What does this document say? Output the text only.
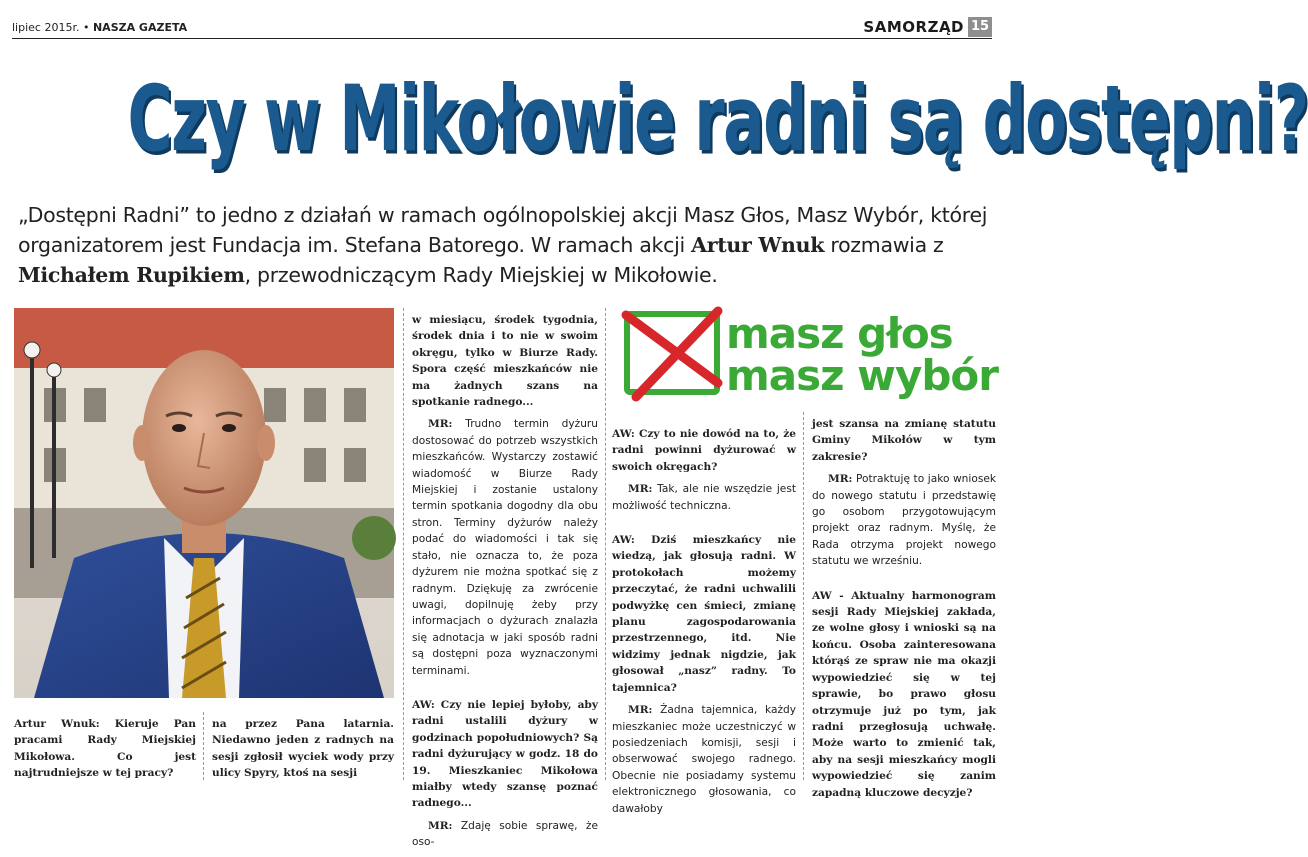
lipiec 2015r. • NASZA GAZETA	SAMORZĄD 15
Czy w Mikołowie radni są dostępni?
„Dostępni Radni” to jedno z działań w ramach ogólnopolskiej akcji Masz Głos, Masz Wybór, której organizatorem jest Fundacja im. Stefana Batorego. W ramach akcji Artur Wnuk rozmawia z Michałem Rupikiem, przewodniczącym Rady Miejskiej w Mikołowie.

Artur Wnuk: Kieruje Pan pracami Rady Miejskiej Mikołowa. Co jest najtrudniejsze w tej pracy?

na przez Pana latarnia. Niedawno jeden z radnych na sesji zgłosił wyciek wody przy ulicy Spyry, ktoś na sesji

w miesiącu, środek tygodnia, środek dnia i to nie w swoim okręgu, tylko w Biurze Rady. Spora część mieszkańców nie ma żadnych szans na spotkanie radnego...

MR: Trudno termin dyżuru dostosować do potrzeb wszystkich mieszkańców. Wystarczy zostawić wiadomość w Biurze Rady Miejskiej i zostanie ustalony termin spotkania dogodny dla obu stron. Terminy dyżurów należy podać do wiadomości i tak się stało, nie oznacza to, że poza dyżurem nie można spotkać się z radnym. Dziękuję za zwrócenie uwagi, dopilnuję żeby przy informacjach o dyżurach znalazła się adnotacja w jaki sposób radni są dostępni poza wyznaczonymi terminami.

AW: Czy nie lepiej byłoby, aby radni ustalili dyżury w godzinach popołudniowych? Są radni dyżurujący w godz. 18 do 19. Mieszkaniec Mikołowa miałby wtedy szansę poznać radnego...

MR: Zdaję sobie sprawę, że oso-

masz głos
masz wybór

AW: Czy to nie dowód na to, że radni powinni dyżurować w swoich okręgach?

MR: Tak, ale nie wszędzie jest możliwość techniczna.

AW: Dziś mieszkańcy nie wiedzą, jak głosują radni. W protokołach możemy przeczytać, że radni uchwalili podwyżkę cen śmieci, zmianę planu zagospodarowania przestrzennego, itd. Nie widzimy jednak nigdzie, jak głosował „nasz” radny. To tajemnica?

MR: Żadna tajemnica, każdy mieszkaniec może uczestniczyć w posiedzeniach komisji, sesji i obserwować swojego radnego. Obecnie nie posiadamy systemu elektronicznego głosowania, co dawałoby

jest szansa na zmianę statutu Gminy Mikołów w tym zakresie?

MR: Potraktuję to jako wniosek do nowego statutu i przedstawię go osobom przygotowującym projekt oraz radnym. Myślę, że Rada otrzyma projekt nowego statutu we wrześniu.

AW - Aktualny harmonogram sesji Rady Miejskiej zakłada, ze wolne głosy i wnioski są na końcu. Osoba zainteresowana którąś ze spraw nie ma okazji wypowiedzieć się w tej sprawie, bo prawo głosu otrzymuje już po tym, jak radni przegłosują uchwałę. Może warto to zmienić tak, aby na sesji mieszkańcy mogli wypowiedzieć się zanim zapadną kluczowe decyzje?
